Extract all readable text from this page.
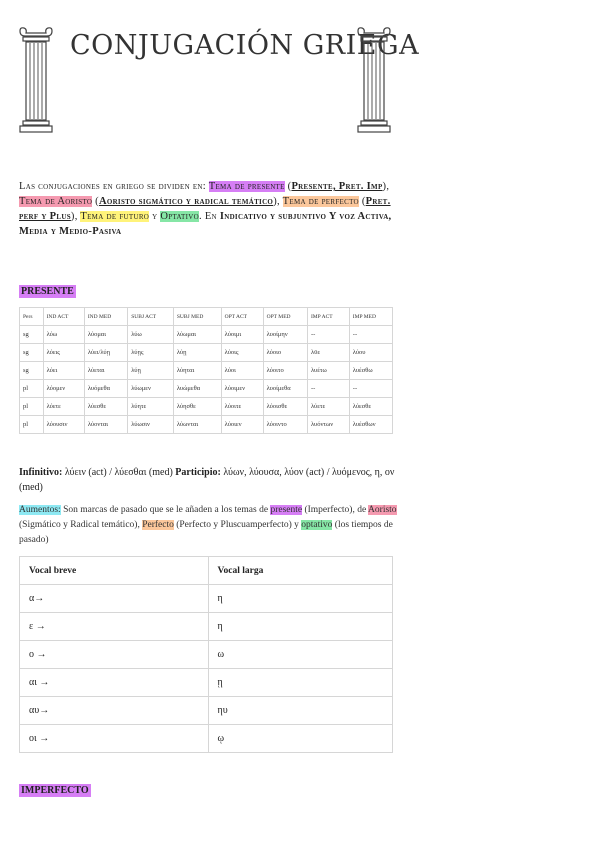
CONJUGACIÓN GRIEGA
Las conjugaciones en griego se dividen en: Tema de presente (Presente, Pret. Imp), Tema de Aoristo (Aoristo sigmático y radical temático), Tema de perfecto (Pret. perf y Plus), Tema de futuro y Optativo. En Indicativo y subjuntivo Y voz Activa, Media y Medio-Pasiva
PRESENTE
Pers	IND ACT	IND MED	SUBJ ACT	SUBJ MED	OPT ACT	OPT MED	IMP ACT	IMP MED
sg	λύω	λύομαι	λύω	λύωμαι	λύοιμι	λυοίμην	--	--
sg	λύεις	λύει/λύῃ	λύῃς	λύῃ	λύοις	λύοιο	λῦε	λύου
sg	λύει	λύεται	λύῃ	λύηται	λύοι	λύοιτο	λυέτω	λυέσθω
pl	λύομεν	λυόμεθα	λύωμεν	λυώμεθα	λύοιμεν	λυοίμεθα	--	--
pl	λύετε	λύεσθε	λύητε	λύησθε	λύοιτε	λύοισθε	λύετε	λύεσθε
pl	λύουσιν	λύονται	λύωσιν	λύωνται	λύοιεν	λύοιντο	λυόντων	λυέσθων
Infinitivo: λύειν (act) / λύεσθαι (med) Participio: λύων, λύουσα, λύον (act) / λυόμενος, η, ον (med)
Aumentos: Son marcas de pasado que se le añaden a los temas de presente (Imperfecto), de Aoristo (Sigmático y Radical temático), Perfecto (Perfecto y Pluscuamperfecto) y optativo (los tiempos de pasado)
Vocal breve	Vocal larga
α→	η
ε →	η
ο →	ω
αι →	ῃ
αυ→	ηυ
οι →	ῳ
IMPERFECTO
